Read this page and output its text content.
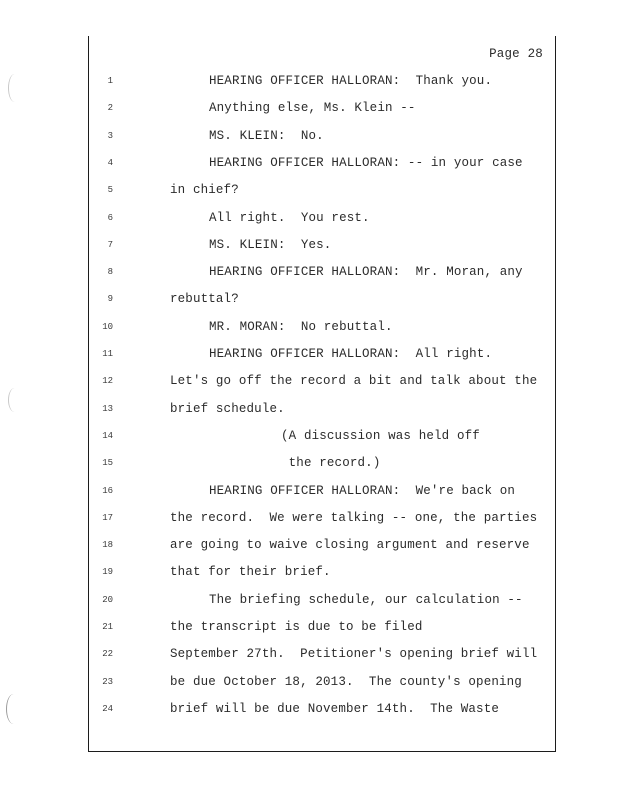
Page 28
1	HEARING OFFICER HALLORAN:  Thank you.
2	Anything else, Ms. Klein --
3	MS. KLEIN:  No.
4	HEARING OFFICER HALLORAN: -- in your case
5	in chief?
6	All right.  You rest.
7	MS. KLEIN:  Yes.
8	HEARING OFFICER HALLORAN:  Mr. Moran, any
9	rebuttal?
10	MR. MORAN:  No rebuttal.
11	HEARING OFFICER HALLORAN:  All right.
12	Let's go off the record a bit and talk about the
13	brief schedule.
14	(A discussion was held off
15	the record.)
16	HEARING OFFICER HALLORAN:  We're back on
17	the record.  We were talking -- one, the parties
18	are going to waive closing argument and reserve
19	that for their brief.
20	The briefing schedule, our calculation --
21	the transcript is due to be filed
22	September 27th.  Petitioner's opening brief will
23	be due October 18, 2013.  The county's opening
24	brief will be due November 14th.  The Waste
